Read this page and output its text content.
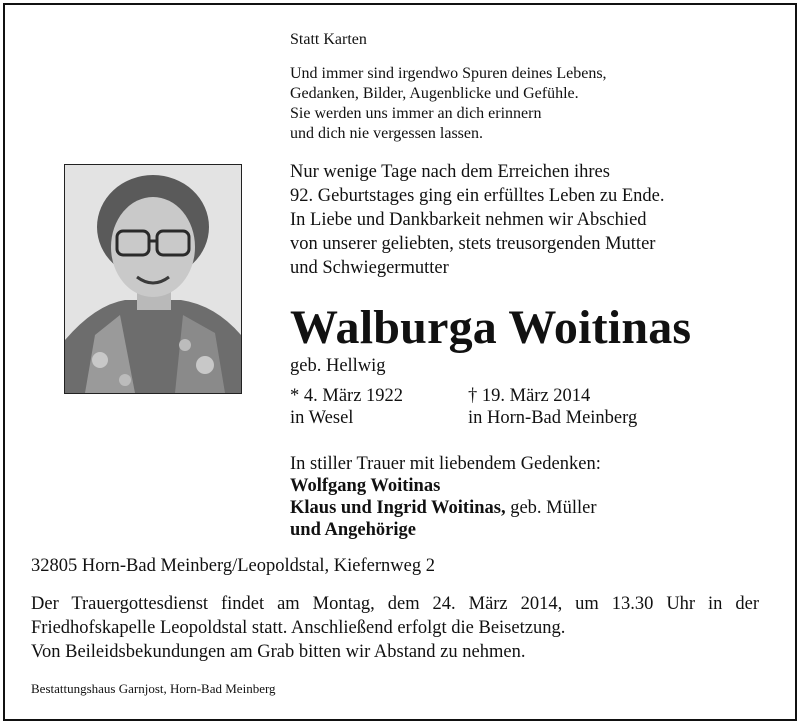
Statt Karten
Und immer sind irgendwo Spuren deines Lebens,
Gedanken, Bilder, Augenblicke und Gefühle.
Sie werden uns immer an dich erinnern
und dich nie vergessen lassen.
Nur wenige Tage nach dem Erreichen ihres
92. Geburtstages ging ein erfülltes Leben zu Ende.
In Liebe und Dankbarkeit nehmen wir Abschied
von unserer geliebten, stets treusorgenden Mutter
und Schwiegermutter
Walburga Woitinas
geb. Hellwig
* 4. März 1922
in Wesel
† 19. März 2014
in Horn-Bad Meinberg
In stiller Trauer mit liebendem Gedenken:
Wolfgang Woitinas
Klaus und Ingrid Woitinas, geb. Müller
und Angehörige
32805 Horn-Bad Meinberg/Leopoldstal, Kiefernweg 2

Der Trauergottesdienst findet am Montag, dem 24. März 2014, um 13.30 Uhr in der

Friedhofskapelle Leopoldstal statt. Anschließend erfolgt die Beisetzung.

Von Beileidsbekundungen am Grab bitten wir Abstand zu nehmen.

Bestattungshaus Garnjost, Horn-Bad Meinberg
